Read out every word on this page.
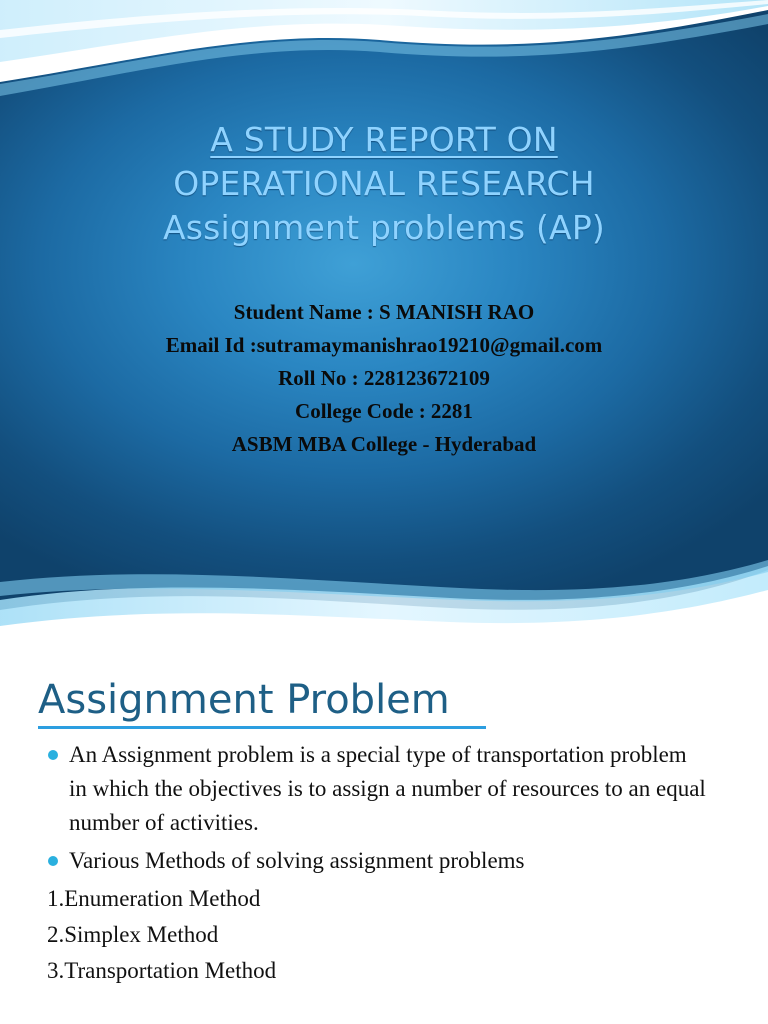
A STUDY REPORT ON
OPERATIONAL RESEARCH
Assignment problems (AP)
Student Name : S MANISH RAO
Email Id :sutramaymanishrao19210@gmail.com
Roll No : 228123672109
College Code : 2281
ASBM MBA College - Hyderabad
Assignment Problem
An Assignment problem is a special type of transportation problem in which the objectives is to assign a number of resources to an equal number of activities.
Various Methods of solving assignment problems
1.Enumeration Method
2.Simplex Method
3.Transportation Method
